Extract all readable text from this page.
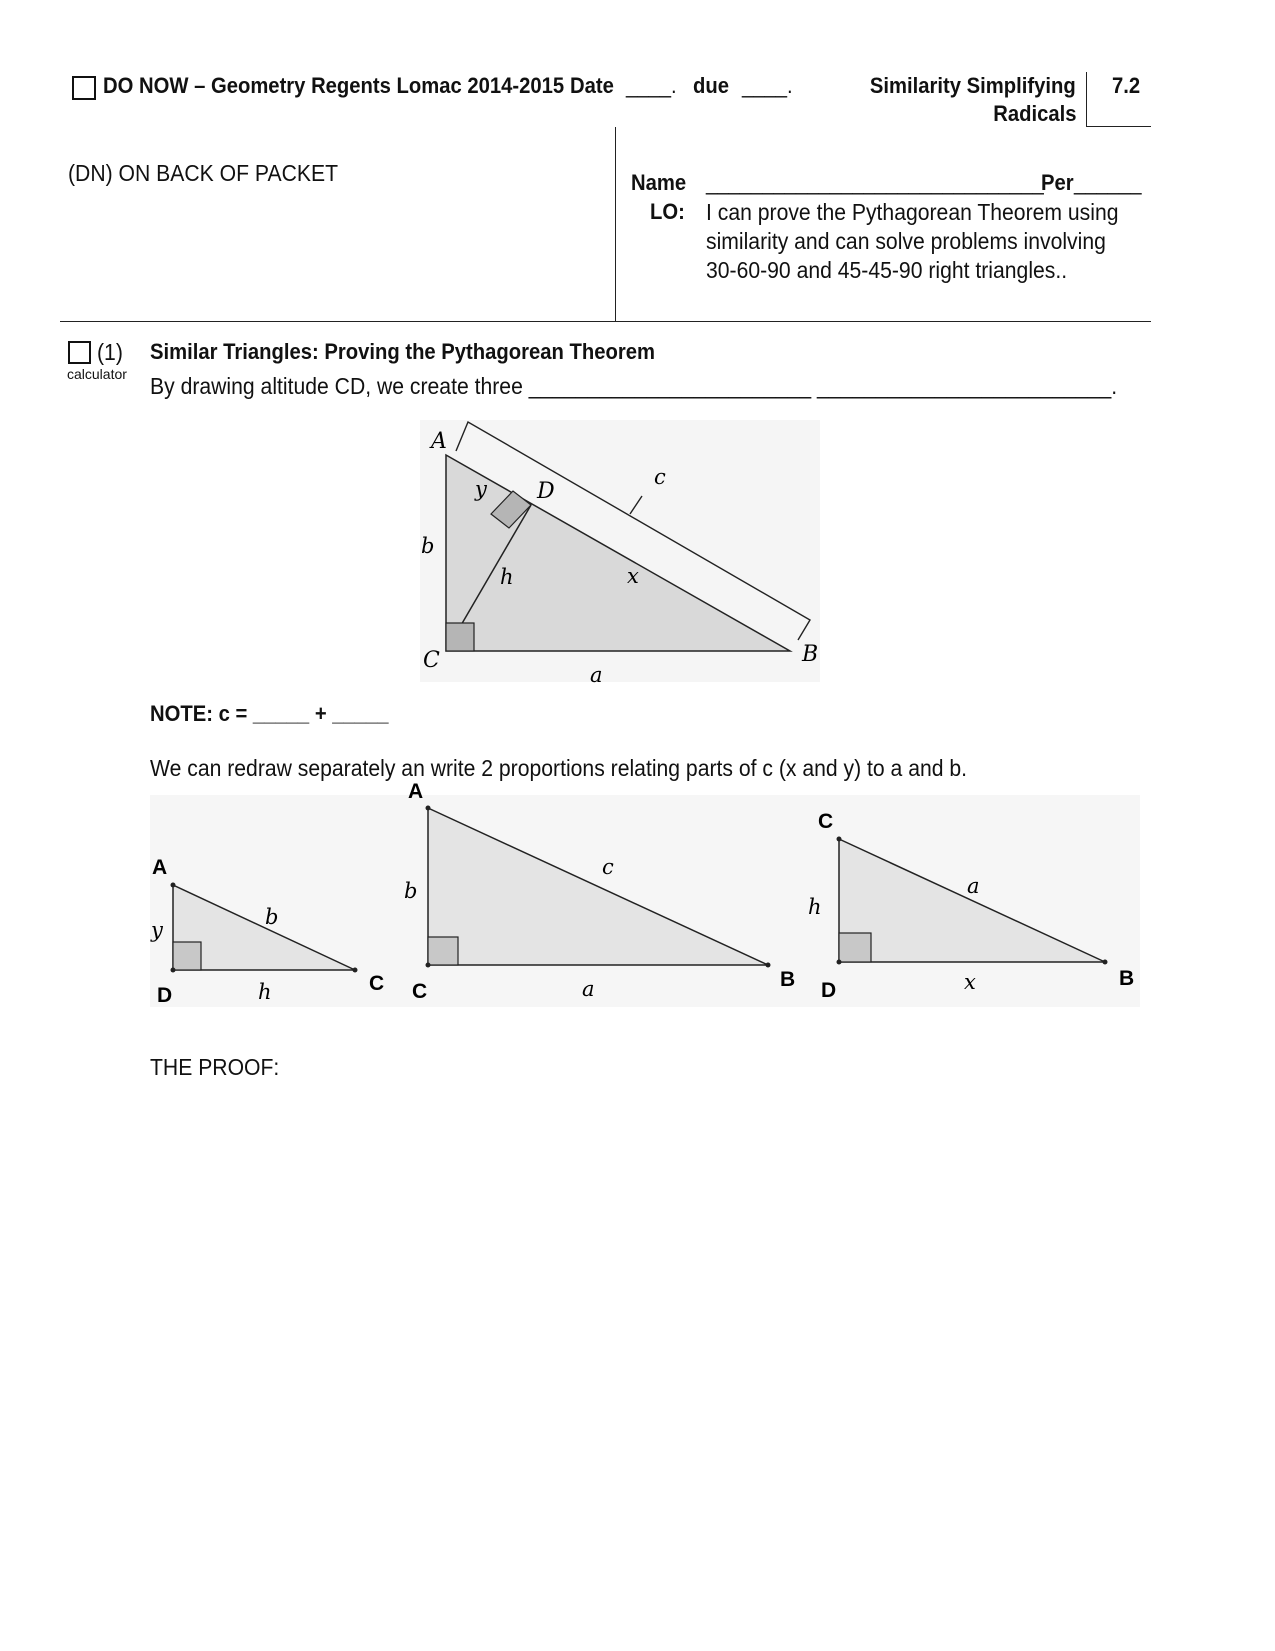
DO NOW – Geometry Regents Lomac 2014-2015 Date ____. due ____.	Similarity Simplifying
Radicals
7.2
(DN) ON BACK OF PACKET	Name ______________________________
Per ______
LO: I can prove the Pythagorean Theorem using similarity and can solve problems involving 30-60-90 and 45-45-90 right triangles..
(1)
calculator
Similar Triangles: Proving the Pythagorean Theorem
By drawing altitude CD, we create three ________________________ _________________________.
A
B
C
D
y	c
b
h	x
a
NOTE: c = _____ + _____
We can redraw separately an write 2 proportions relating parts of c (x and y) to a and b.
A
D
C
y
b
h
A
C
B
b
c
a
C
D
B
h
a
x
THE PROOF:
